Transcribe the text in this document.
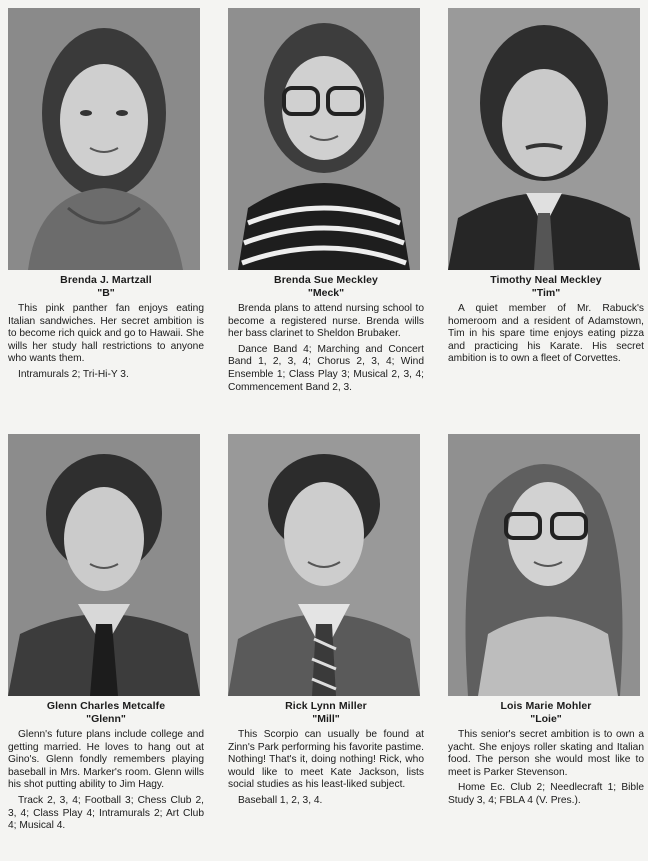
Brenda J. Martzall
"B"

This pink panther fan enjoys eating Italian sandwiches. Her secret ambition is to become rich quick and go to Hawaii. She wills her study hall restrictions to anyone who wants them.

Intramurals 2; Tri-Hi-Y 3.

Brenda Sue Meckley
"Meck"

Brenda plans to attend nursing school to become a registered nurse. Brenda wills her bass clarinet to Sheldon Brubaker.

Dance Band 4; Marching and Concert Band 1, 2, 3, 4; Chorus 2, 3, 4; Wind Ensemble 1; Class Play 3; Musical 2, 3, 4; Commencement Band 2, 3.

Timothy Neal Meckley
"Tim"

A quiet member of Mr. Rabuck's homeroom and a resident of Adamstown, Tim in his spare time enjoys eating pizza and practicing his Karate. His secret ambition is to own a fleet of Corvettes.

Glenn Charles Metcalfe
"Glenn"

Glenn's future plans include college and getting married. He loves to hang out at Gino's. Glenn fondly remembers playing baseball in Mrs. Marker's room. Glenn wills his shot putting ability to Jim Hagy.

Track 2, 3, 4; Football 3; Chess Club 2, 3, 4; Class Play 4; Intramurals 2; Art Club 4; Musical 4.

Rick Lynn Miller
"Mill"

This Scorpio can usually be found at Zinn's Park performing his favorite pastime. Nothing! That's it, doing nothing! Rick, who would like to meet Kate Jackson, lists social studies as his least-liked subject.

Baseball 1, 2, 3, 4.

Lois Marie Mohler
"Loie"

This senior's secret ambition is to own a yacht. She enjoys roller skating and Italian food. The person she would most like to meet is Parker Stevenson.

Home Ec. Club 2; Needlecraft 1; Bible Study 3, 4; FBLA 4 (V. Pres.).
